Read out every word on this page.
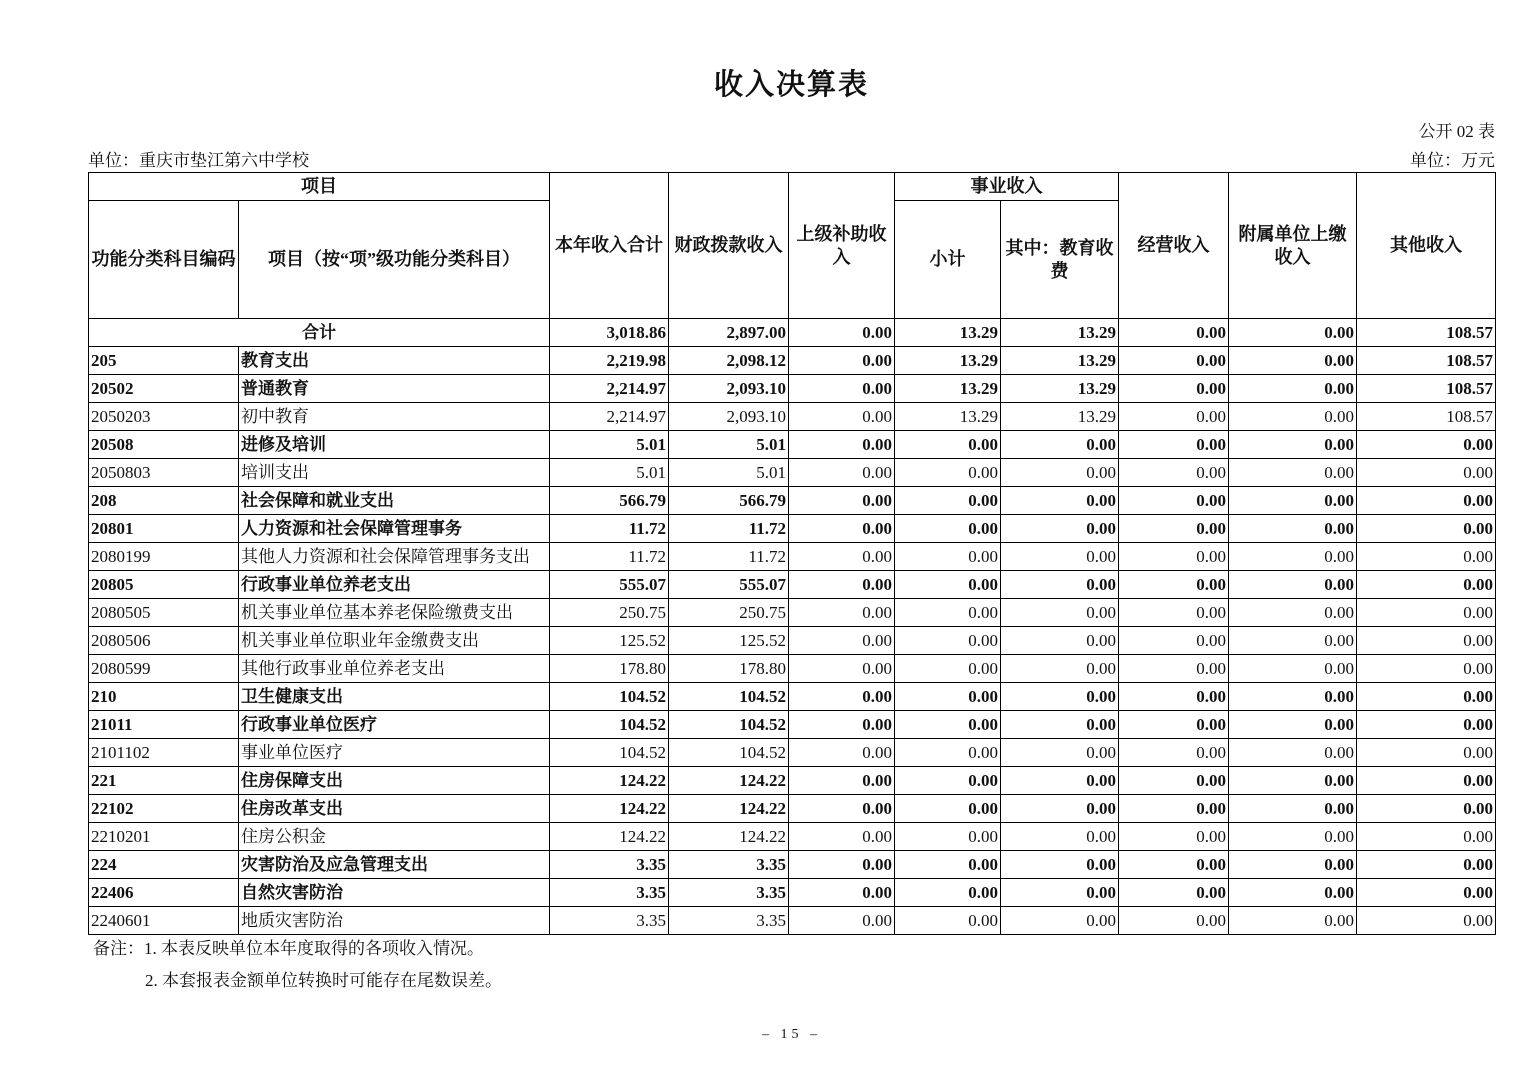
收入决算表
公开 02 表
单位：重庆市垫江第六中学校	单位：万元
项目		本年收入合计	财政拨款收入	上级补助收入	事业收入		经营收入	附属单位上缴收入	其他收入
功能分类科目编码	项目（按“项”级功能分类科目）				小计	其中：教育收费			
合计		3,018.86	2,897.00	0.00	13.29	13.29	0.00	0.00	108.57
205	教育支出	2,219.98	2,098.12	0.00	13.29	13.29	0.00	0.00	108.57
20502	普通教育	2,214.97	2,093.10	0.00	13.29	13.29	0.00	0.00	108.57
2050203	初中教育	2,214.97	2,093.10	0.00	13.29	13.29	0.00	0.00	108.57
20508	进修及培训	5.01	5.01	0.00	0.00	0.00	0.00	0.00	0.00
2050803	培训支出	5.01	5.01	0.00	0.00	0.00	0.00	0.00	0.00
208	社会保障和就业支出	566.79	566.79	0.00	0.00	0.00	0.00	0.00	0.00
20801	人力资源和社会保障管理事务	11.72	11.72	0.00	0.00	0.00	0.00	0.00	0.00
2080199	其他人力资源和社会保障管理事务支出	11.72	11.72	0.00	0.00	0.00	0.00	0.00	0.00
20805	行政事业单位养老支出	555.07	555.07	0.00	0.00	0.00	0.00	0.00	0.00
2080505	机关事业单位基本养老保险缴费支出	250.75	250.75	0.00	0.00	0.00	0.00	0.00	0.00
2080506	机关事业单位职业年金缴费支出	125.52	125.52	0.00	0.00	0.00	0.00	0.00	0.00
2080599	其他行政事业单位养老支出	178.80	178.80	0.00	0.00	0.00	0.00	0.00	0.00
210	卫生健康支出	104.52	104.52	0.00	0.00	0.00	0.00	0.00	0.00
21011	行政事业单位医疗	104.52	104.52	0.00	0.00	0.00	0.00	0.00	0.00
2101102	事业单位医疗	104.52	104.52	0.00	0.00	0.00	0.00	0.00	0.00
221	住房保障支出	124.22	124.22	0.00	0.00	0.00	0.00	0.00	0.00
22102	住房改革支出	124.22	124.22	0.00	0.00	0.00	0.00	0.00	0.00
2210201	住房公积金	124.22	124.22	0.00	0.00	0.00	0.00	0.00	0.00
224	灾害防治及应急管理支出	3.35	3.35	0.00	0.00	0.00	0.00	0.00	0.00
22406	自然灾害防治	3.35	3.35	0.00	0.00	0.00	0.00	0.00	0.00
2240601	地质灾害防治	3.35	3.35	0.00	0.00	0.00	0.00	0.00	0.00
备注：1. 本表反映单位本年度取得的各项收入情况。
2. 本套报表金额单位转换时可能存在尾数误差。
– 15 –
